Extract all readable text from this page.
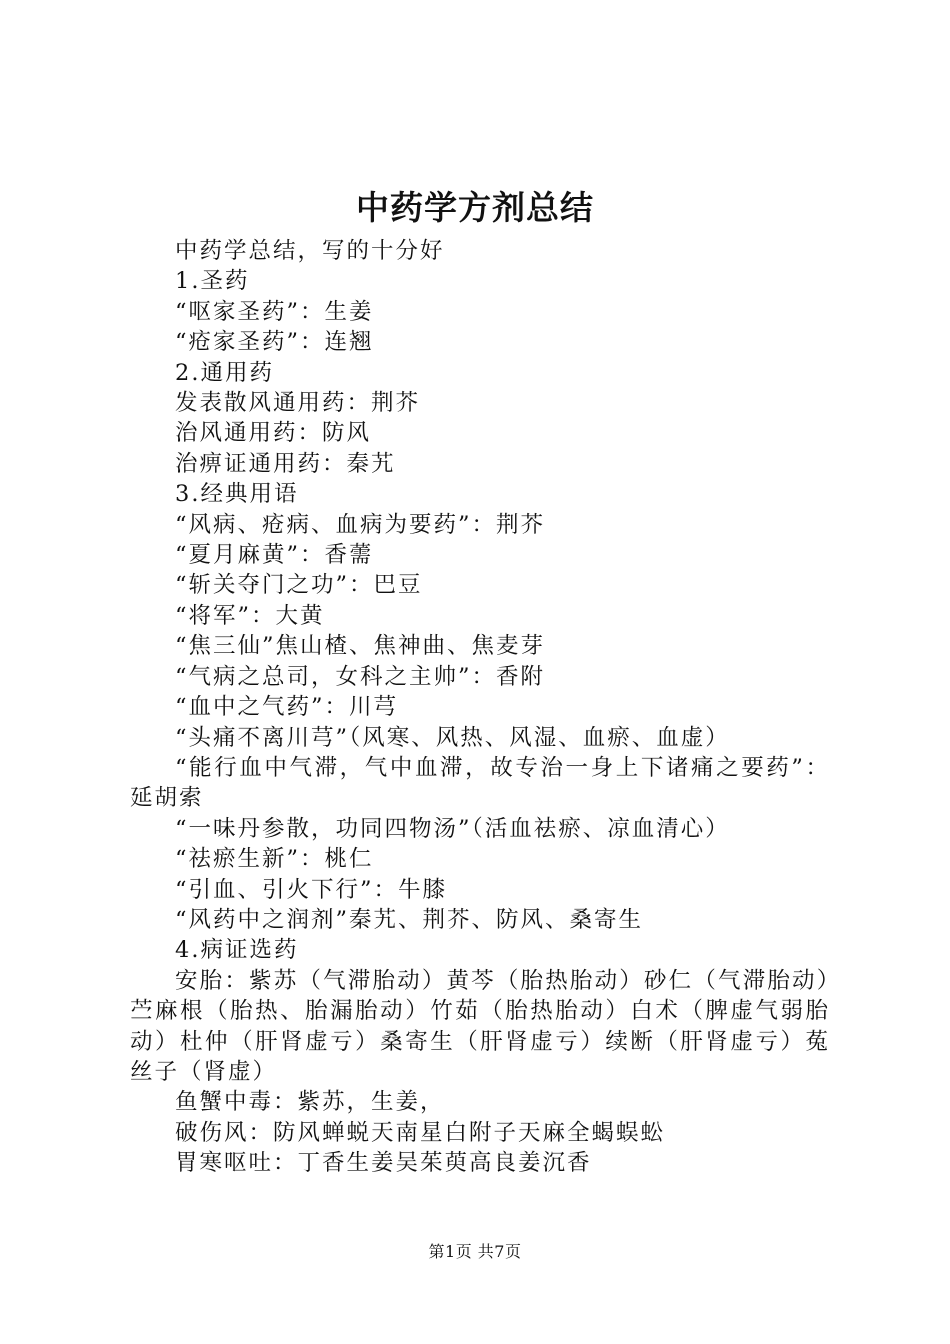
中药学方剂总结

中药学总结，写的十分好

1.圣药

“呕家圣药”：生姜

“疮家圣药”：连翘

2.通用药

发表散风通用药：荆芥

治风通用药：防风

治痹证通用药：秦艽

3.经典用语

“风病、疮病、血病为要药”：荆芥

“夏月麻黄”：香薷

“斩关夺门之功”：巴豆

“将军”：大黄

“焦三仙”焦山楂、焦神曲、焦麦芽

“气病之总司，女科之主帅”：香附

“血中之气药”：川芎

“头痛不离川芎”（风寒、风热、风湿、血瘀、血虚）

“能行血中气滞，气中血滞，故专治一身上下诸痛之要药”：延胡索

“一味丹参散，功同四物汤”（活血祛瘀、凉血清心）

“祛瘀生新”：桃仁

“引血、引火下行”：牛膝

“风药中之润剂”秦艽、荆芥、防风、桑寄生

4.病证选药

安胎：紫苏（气滞胎动）黄芩（胎热胎动）砂仁（气滞胎动）苎麻根（胎热、胎漏胎动）竹茹（胎热胎动）白术（脾虚气弱胎动）杜仲（肝肾虚亏）桑寄生（肝肾虚亏）续断（肝肾虚亏）菟丝子（肾虚）

鱼蟹中毒：紫苏，生姜，

破伤风：防风蝉蜕天南星白附子天麻全蝎蜈蚣

胃寒呕吐：丁香生姜吴茱萸高良姜沉香

第1页 共7页
